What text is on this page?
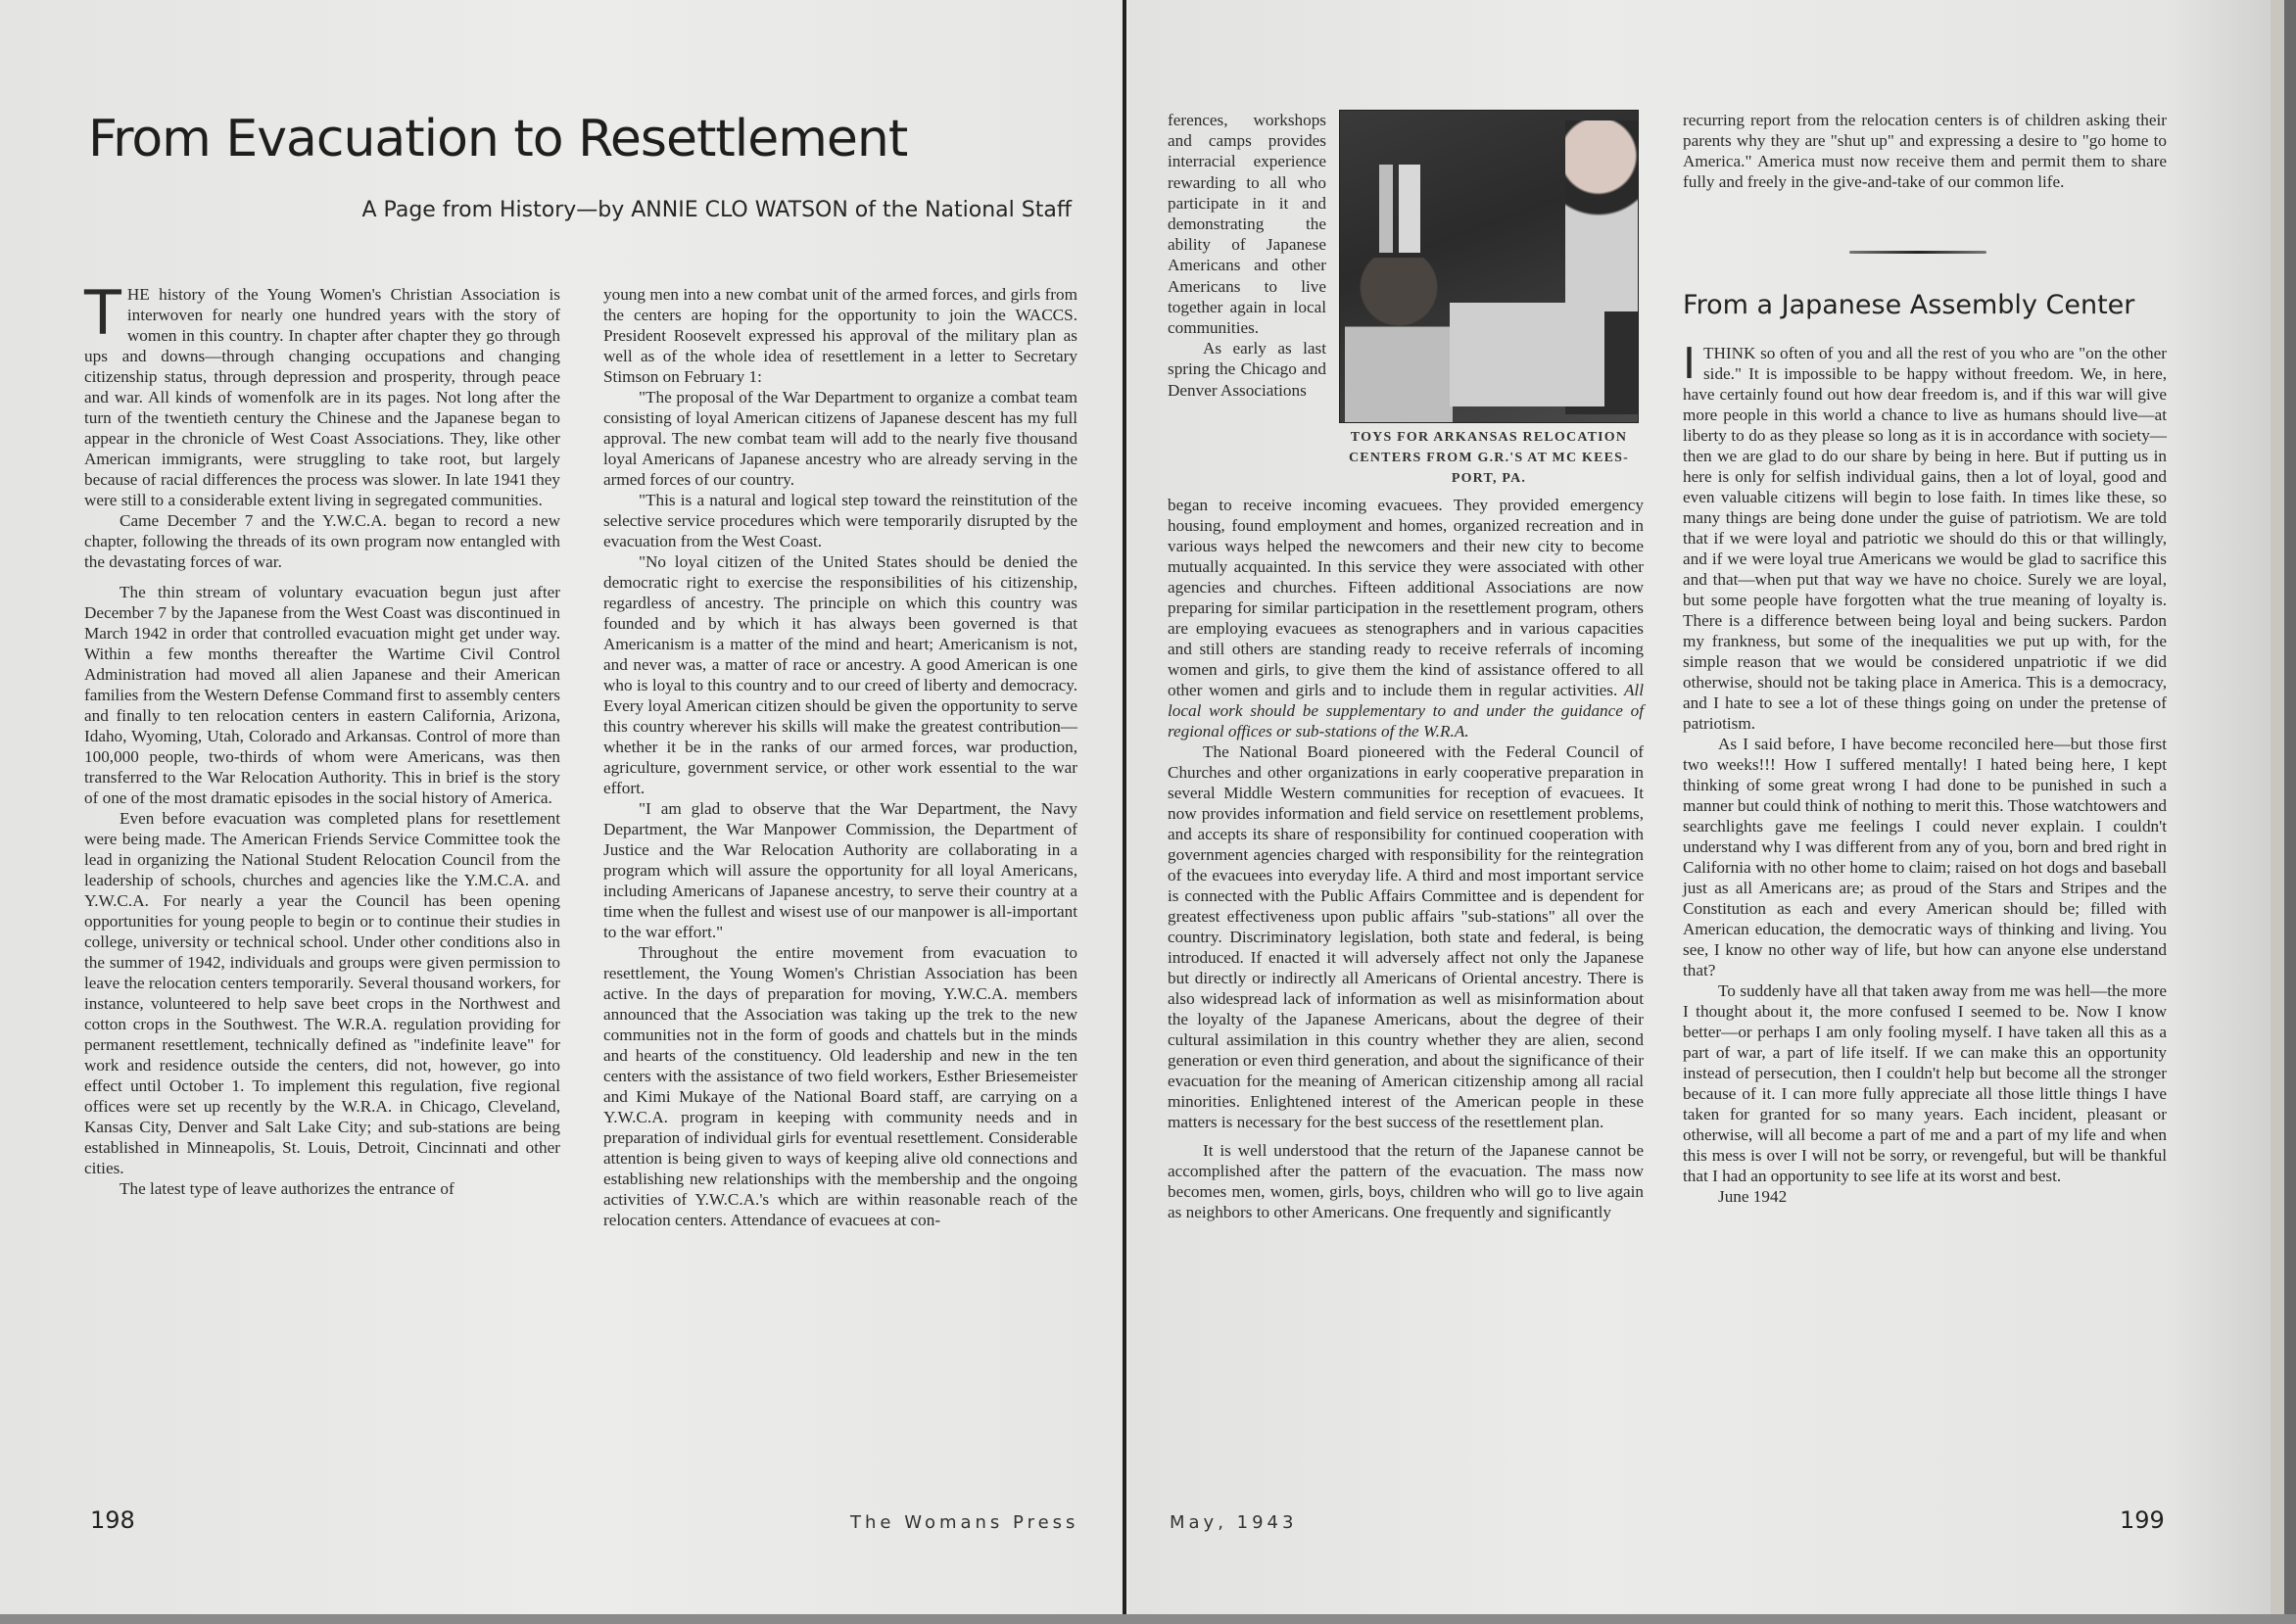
From Evacuation to Resettlement
A Page from History—by ANNIE CLO WATSON of the National Staff

THE history of the Young Women's Christian Association is interwoven for nearly one hundred years with the story of women in this country. In chapter after chapter they go through ups and downs—through changing occupations and changing citizenship status, through depression and prosperity, through peace and war. All kinds of womenfolk are in its pages. Not long after the turn of the twentieth century the Chinese and the Japanese began to appear in the chronicle of West Coast Associations. They, like other American immigrants, were struggling to take root, but largely because of racial differences the process was slower. In late 1941 they were still to a considerable extent living in segregated communities.

Came December 7 and the Y.W.C.A. began to record a new chapter, following the threads of its own program now entangled with the devastating forces of war.

The thin stream of voluntary evacuation begun just after December 7 by the Japanese from the West Coast was discontinued in March 1942 in order that controlled evacuation might get under way. Within a few months thereafter the Wartime Civil Control Administration had moved all alien Japanese and their American families from the Western Defense Command first to assembly centers and finally to ten relocation centers in eastern California, Arizona, Idaho, Wyoming, Utah, Colorado and Arkansas. Control of more than 100,000 people, two-thirds of whom were Americans, was then transferred to the War Relocation Authority. This in brief is the story of one of the most dramatic episodes in the social history of America.

Even before evacuation was completed plans for resettlement were being made. The American Friends Service Committee took the lead in organizing the National Student Relocation Council from the leadership of schools, churches and agencies like the Y.M.C.A. and Y.W.C.A. For nearly a year the Council has been opening opportunities for young people to begin or to continue their studies in college, university or technical school. Under other conditions also in the summer of 1942, individuals and groups were given permission to leave the relocation centers temporarily. Several thousand workers, for instance, volunteered to help save beet crops in the Northwest and cotton crops in the Southwest. The W.R.A. regulation providing for permanent resettlement, technically defined as "indefinite leave" for work and residence outside the centers, did not, however, go into effect until October 1. To implement this regulation, five regional offices were set up recently by the W.R.A. in Chicago, Cleveland, Kansas City, Denver and Salt Lake City; and sub-stations are being established in Minneapolis, St. Louis, Detroit, Cincinnati and other cities.

The latest type of leave authorizes the entrance of

young men into a new combat unit of the armed forces, and girls from the centers are hoping for the opportunity to join the WACCS. President Roosevelt expressed his approval of the military plan as well as of the whole idea of resettlement in a letter to Secretary Stimson on February 1:

"The proposal of the War Department to organize a combat team consisting of loyal American citizens of Japanese descent has my full approval. The new combat team will add to the nearly five thousand loyal Americans of Japanese ancestry who are already serving in the armed forces of our country.

"This is a natural and logical step toward the reinstitution of the selective service procedures which were temporarily disrupted by the evacuation from the West Coast.

"No loyal citizen of the United States should be denied the democratic right to exercise the responsibilities of his citizenship, regardless of ancestry. The principle on which this country was founded and by which it has always been governed is that Americanism is a matter of the mind and heart; Americanism is not, and never was, a matter of race or ancestry. A good American is one who is loyal to this country and to our creed of liberty and democracy. Every loyal American citizen should be given the opportunity to serve this country wherever his skills will make the greatest contribution—whether it be in the ranks of our armed forces, war production, agriculture, government service, or other work essential to the war effort.

"I am glad to observe that the War Department, the Navy Department, the War Manpower Commission, the Department of Justice and the War Relocation Authority are collaborating in a program which will assure the opportunity for all loyal Americans, including Americans of Japanese ancestry, to serve their country at a time when the fullest and wisest use of our manpower is all-important to the war effort."

Throughout the entire movement from evacuation to resettlement, the Young Women's Christian Association has been active. In the days of preparation for moving, Y.W.C.A. members announced that the Association was taking up the trek to the new communities not in the form of goods and chattels but in the minds and hearts of the constituency. Old leadership and new in the ten centers with the assistance of two field workers, Esther Briesemeister and Kimi Mukaye of the National Board staff, are carrying on a Y.W.C.A. program in keeping with community needs and in preparation of individual girls for eventual resettlement. Considerable attention is being given to ways of keeping alive old connections and establishing new relationships with the membership and the ongoing activities of Y.W.C.A.'s which are within reasonable reach of the relocation centers. Attendance of evacuees at con-

198	The Womans Press

ferences, workshops and camps provides interracial experience rewarding to all who participate in it and demonstrating the ability of Japanese Americans and other Americans to live together again in local communities.

As early as last spring the Chicago and Denver Associations

TOYS FOR ARKANSAS RELOCATION CENTERS FROM G.R.'S AT MC KEES-PORT, PA.

began to receive incoming evacuees. They provided emergency housing, found employment and homes, organized recreation and in various ways helped the newcomers and their new city to become mutually acquainted. In this service they were associated with other agencies and churches. Fifteen additional Associations are now preparing for similar participation in the resettlement program, others are employing evacuees as stenographers and in various capacities and still others are standing ready to receive referrals of incoming women and girls, to give them the kind of assistance offered to all other women and girls and to include them in regular activities. All local work should be supplementary to and under the guidance of regional offices or sub-stations of the W.R.A.

The National Board pioneered with the Federal Council of Churches and other organizations in early cooperative preparation in several Middle Western communities for reception of evacuees. It now provides information and field service on resettlement problems, and accepts its share of responsibility for continued cooperation with government agencies charged with responsibility for the reintegration of the evacuees into everyday life. A third and most important service is connected with the Public Affairs Committee and is dependent for greatest effectiveness upon public affairs "sub-stations" all over the country. Discriminatory legislation, both state and federal, is being introduced. If enacted it will adversely affect not only the Japanese but directly or indirectly all Americans of Oriental ancestry. There is also widespread lack of information as well as misinformation about the loyalty of the Japanese Americans, about the degree of their cultural assimilation in this country whether they are alien, second generation or even third generation, and about the significance of their evacuation for the meaning of American citizenship among all racial minorities. Enlightened interest of the American people in these matters is necessary for the best success of the resettlement plan.

It is well understood that the return of the Japanese cannot be accomplished after the pattern of the evacuation. The mass now becomes men, women, girls, boys, children who will go to live again as neighbors to other Americans. One frequently and significantly

recurring report from the relocation centers is of children asking their parents why they are "shut up" and expressing a desire to "go home to America." America must now receive them and permit them to share fully and freely in the give-and-take of our common life.

From a Japanese Assembly Center

ITHINK so often of you and all the rest of you who are "on the other side." It is impossible to be happy without freedom. We, in here, have certainly found out how dear freedom is, and if this war will give more people in this world a chance to live as humans should live—at liberty to do as they please so long as it is in accordance with society—then we are glad to do our share by being in here. But if putting us in here is only for selfish individual gains, then a lot of loyal, good and even valuable citizens will begin to lose faith. In times like these, so many things are being done under the guise of patriotism. We are told that if we were loyal and patriotic we should do this or that willingly, and if we were loyal true Americans we would be glad to sacrifice this and that—when put that way we have no choice. Surely we are loyal, but some people have forgotten what the true meaning of loyalty is. There is a difference between being loyal and being suckers. Pardon my frankness, but some of the inequalities we put up with, for the simple reason that we would be considered unpatriotic if we did otherwise, should not be taking place in America. This is a democracy, and I hate to see a lot of these things going on under the pretense of patriotism.

As I said before, I have become reconciled here—but those first two weeks!!! How I suffered mentally! I hated being here, I kept thinking of some great wrong I had done to be punished in such a manner but could think of nothing to merit this. Those watchtowers and searchlights gave me feelings I could never explain. I couldn't understand why I was different from any of you, born and bred right in California with no other home to claim; raised on hot dogs and baseball just as all Americans are; as proud of the Stars and Stripes and the Constitution as each and every American should be; filled with American education, the democratic ways of thinking and living. You see, I know no other way of life, but how can anyone else understand that?

To suddenly have all that taken away from me was hell—the more I thought about it, the more confused I seemed to be. Now I know better—or perhaps I am only fooling myself. I have taken all this as a part of war, a part of life itself. If we can make this an opportunity instead of persecution, then I couldn't help but become all the stronger because of it. I can more fully appreciate all those little things I have taken for granted for so many years. Each incident, pleasant or otherwise, will all become a part of me and a part of my life and when this mess is over I will not be sorry, or revengeful, but will be thankful that I had an opportunity to see life at its worst and best.

June 1942

May, 1943	199
